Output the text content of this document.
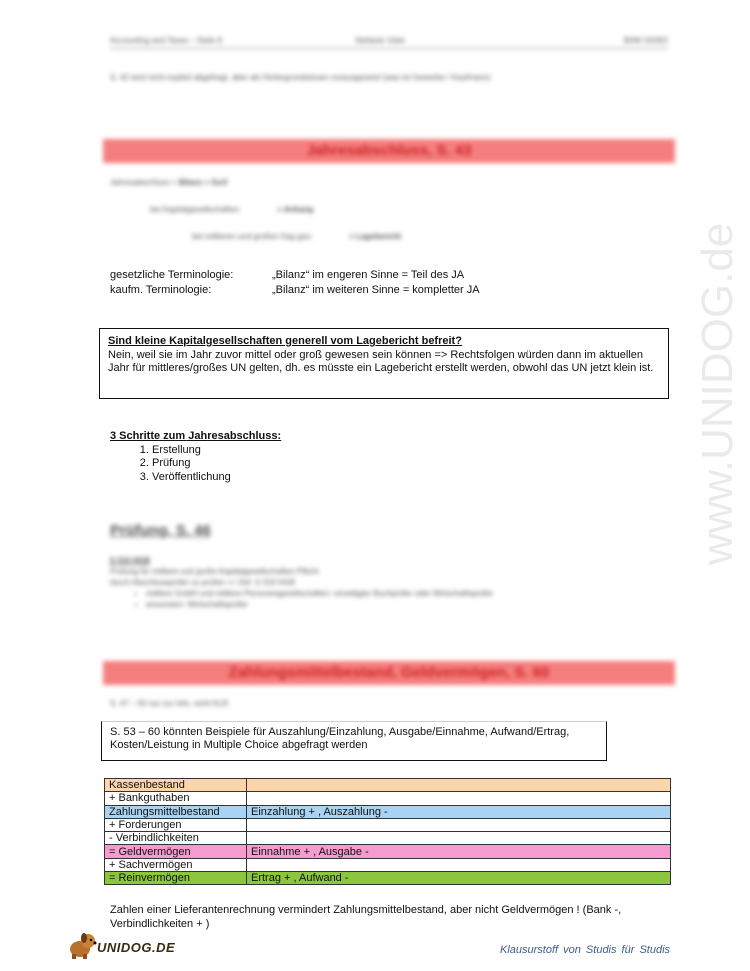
Accounting and Taxes – Seite 8	Stefanie Voter	BAW SS/9/2
S. 42 wird nicht explizit abgefragt, aber als Hintergrundwissen vorausgesetzt (was ist Gewerbe / Kaufmann)
Jahresabschluss, S. 43
Jahresabschluss = Bilanz + GuV
bei Kapitalgesellschaften:	+ Anhang
bei mittleren und großen Kap.ges:	+ Lagebericht
gesetzliche Terminologie:	„Bilanz“ im engeren Sinne = Teil des JA
kaufm. Terminologie:	„Bilanz“ im weiteren Sinne = kompletter JA
Sind kleine Kapitalgesellschaften generell vom Lagebericht befreit?
Nein, weil sie im Jahr zuvor mittel oder groß gewesen sein können => Rechtsfolgen würden dann im aktuellen Jahr für mittleres/großes UN gelten, dh. es müsste ein Lagebericht erstellt werden, obwohl das UN jetzt klein ist.
3 Schritte zum Jahresabschluss:
1. Erstellung
2. Prüfung
3. Veröffentlichung
Prüfung, S. 46
§ 316 HGB
Prüfung für mittlere und große Kapitalgesellschaften Pflicht
durch Abschlussprüfer zu prüfen => Def. § 319 HGB
• mittlere GmbH und mittlere Personengesellschaften: vereidigter Buchprüfer oder Wirtschaftsprüfer
• ansonsten: Wirtschaftsprüfer
Zahlungsmittelbestand, Geldvermögen, S. 60
S. 47 – 50 nur zur Info, nicht KLR
S. 53 – 60 könnten Beispiele für Auszahlung/Einzahlung, Ausgabe/Einnahme, Aufwand/Ertrag, Kosten/Leistung in Multiple Choice abgefragt werden
Kassenbestand	
+ Bankguthaben	
Zahlungsmittelbestand	Einzahlung + , Auszahlung -
+ Forderungen	
- Verbindlichkeiten	
= Geldvermögen	Einnahme + , Ausgabe -
+ Sachvermögen	
= Reinvermögen	Ertrag + , Aufwand -
Zahlen einer Lieferantenrechnung vermindert Zahlungsmittelbestand, aber nicht Geldvermögen ! (Bank -, Verbindlichkeiten + )
www.UNIDOG.de
UNIDOG.DE	Klausurstoff von Studis für Studis
